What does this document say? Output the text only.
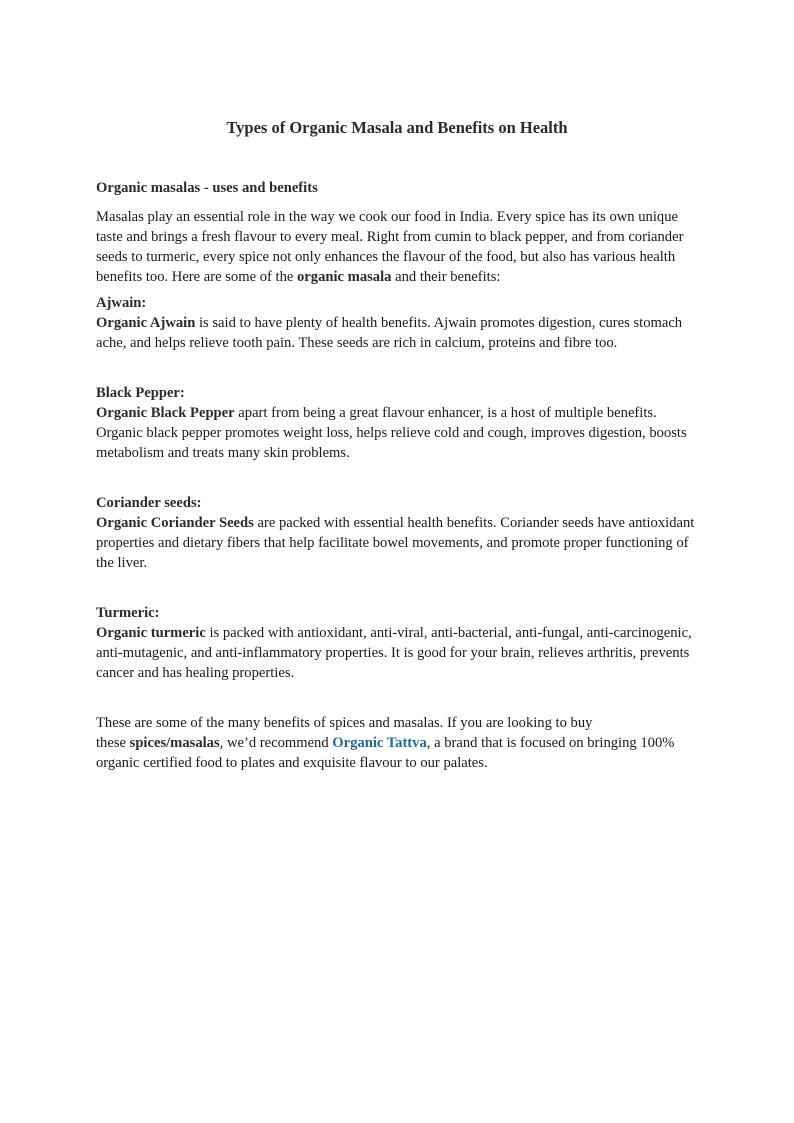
Types of Organic Masala and Benefits on Health

Organic masalas - uses and benefits

Masalas play an essential role in the way we cook our food in India. Every spice has its own unique taste and brings a fresh flavour to every meal. Right from cumin to black pepper, and from coriander seeds to turmeric, every spice not only enhances the flavour of the food, but also has various health benefits too. Here are some of the organic masala and their benefits:

Ajwain:

Organic Ajwain is said to have plenty of health benefits. Ajwain promotes digestion, cures stomach ache, and helps relieve tooth pain. These seeds are rich in calcium, proteins and fibre too.

Black Pepper:

Organic Black Pepper apart from being a great flavour enhancer, is a host of multiple benefits. Organic black pepper promotes weight loss, helps relieve cold and cough, improves digestion, boosts metabolism and treats many skin problems.

Coriander seeds:

Organic Coriander Seeds are packed with essential health benefits. Coriander seeds have antioxidant properties and dietary fibers that help facilitate bowel movements, and promote proper functioning of the liver.

Turmeric:

Organic turmeric is packed with antioxidant, anti-viral, anti-bacterial, anti-fungal, anti-carcinogenic, anti-mutagenic, and anti-inflammatory properties. It is good for your brain, relieves arthritis, prevents cancer and has healing properties.

These are some of the many benefits of spices and masalas. If you are looking to buy

these spices/masalas, we’d recommend Organic Tattva, a brand that is focused on bringing 100% organic certified food to plates and exquisite flavour to our palates.
